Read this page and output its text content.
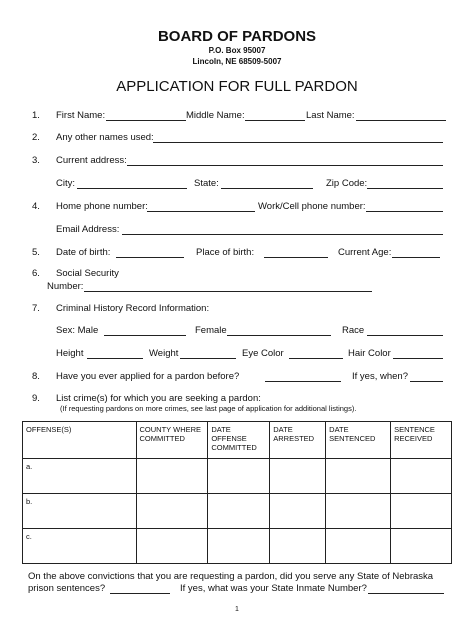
BOARD OF PARDONS
P.O. Box 95007
Lincoln, NE 68509-5007
APPLICATION FOR FULL PARDON
1. First Name:	Middle Name:	Last Name:
2. Any other names used:
3. Current address:
City:	State:	Zip Code:
4. Home phone number:	Work/Cell phone number:
Email Address:
5. Date of birth:	Place of birth:	Current Age:
6. Social Security
Number:
7. Criminal History Record Information:
Sex: Male	Female	Race
Height	Weight	Eye Color	Hair Color
8. Have you ever applied for a pardon before?	If yes, when?
9. List crime(s) for which you are seeking a pardon:
(If requesting pardons on more crimes, see last page of application for additional listings).
OFFENSE(S)	COUNTY WHERE COMMITTED	DATE OFFENSE COMMITTED	DATE ARRESTED	DATE SENTENCED	SENTENCE RECEIVED
a.					
b.					
c.					
On the above convictions that you are requesting a pardon, did you serve any State of Nebraska
prison sentences?	If yes, what was your State Inmate Number?
1
